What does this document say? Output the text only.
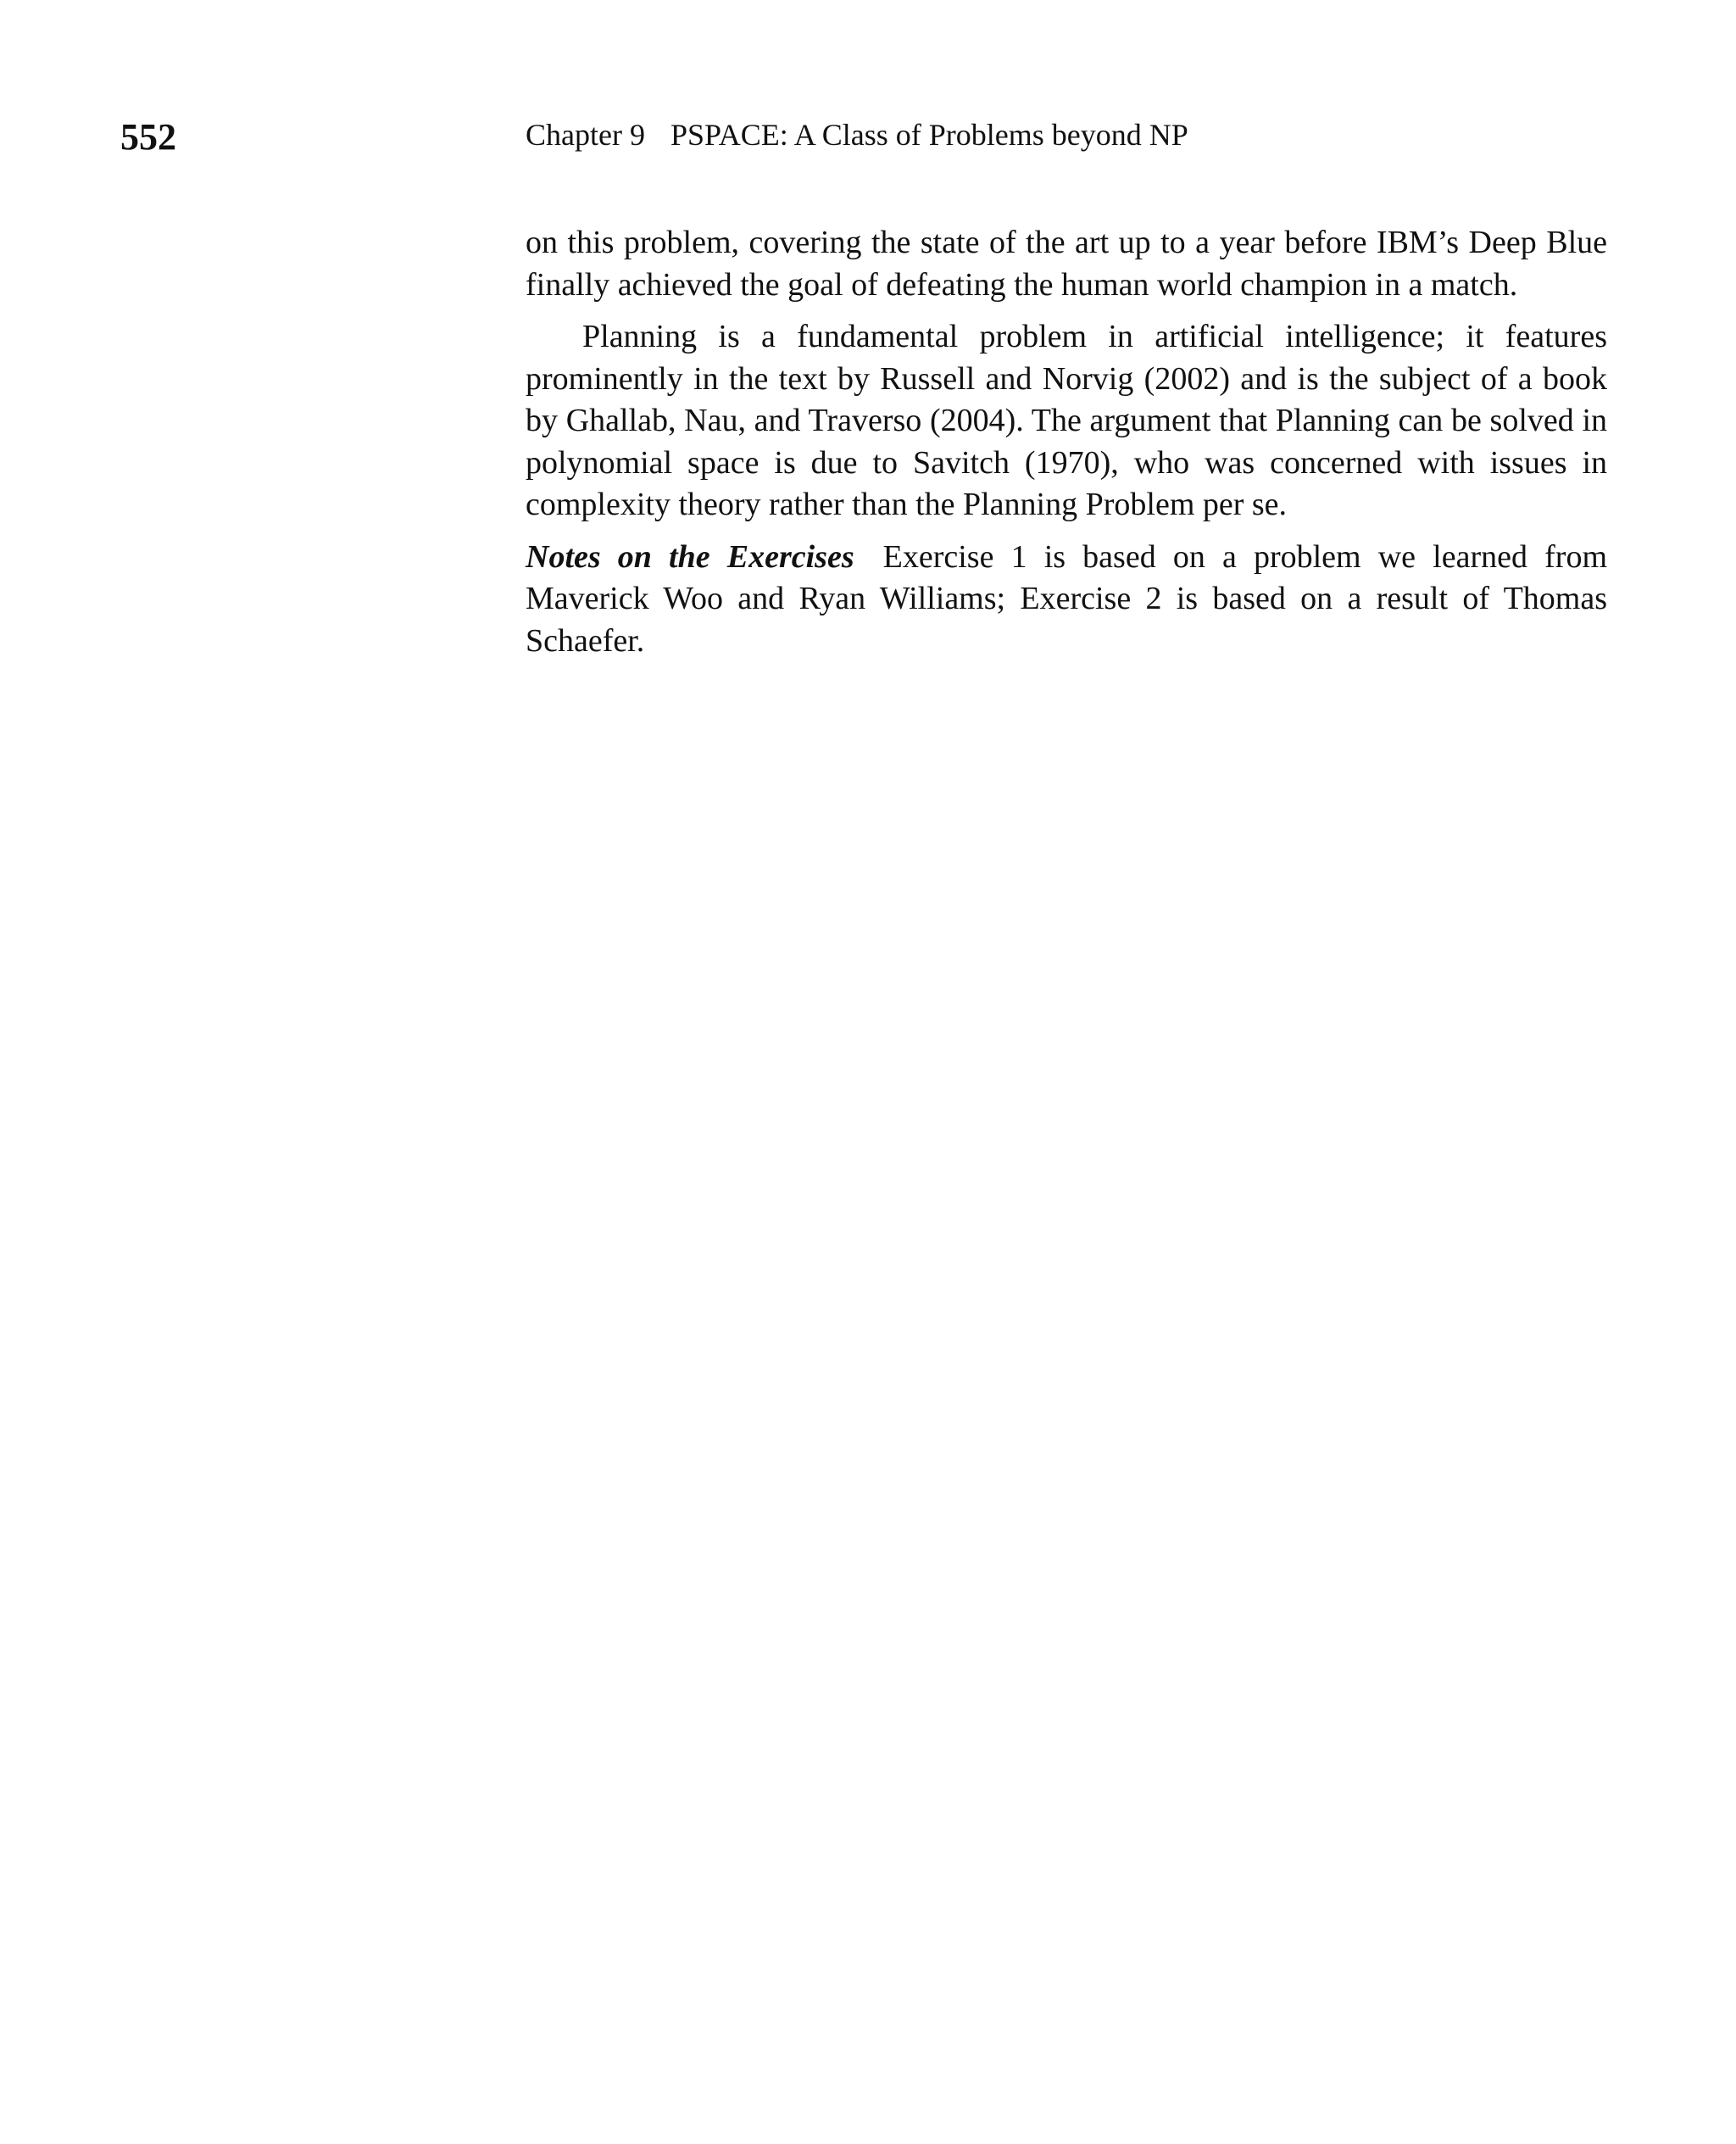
552	Chapter 9 PSPACE: A Class of Problems beyond NP

on this problem, covering the state of the art up to a year before IBM’s Deep Blue finally achieved the goal of defeating the human world champion in a match.

Planning is a fundamental problem in artificial intelligence; it features prominently in the text by Russell and Norvig (2002) and is the subject of a book by Ghallab, Nau, and Traverso (2004). The argument that Planning can be solved in polynomial space is due to Savitch (1970), who was concerned with issues in complexity theory rather than the Planning Problem per se.

Notes on the Exercises Exercise 1 is based on a problem we learned from Maverick Woo and Ryan Williams; Exercise 2 is based on a result of Thomas Schaefer.
